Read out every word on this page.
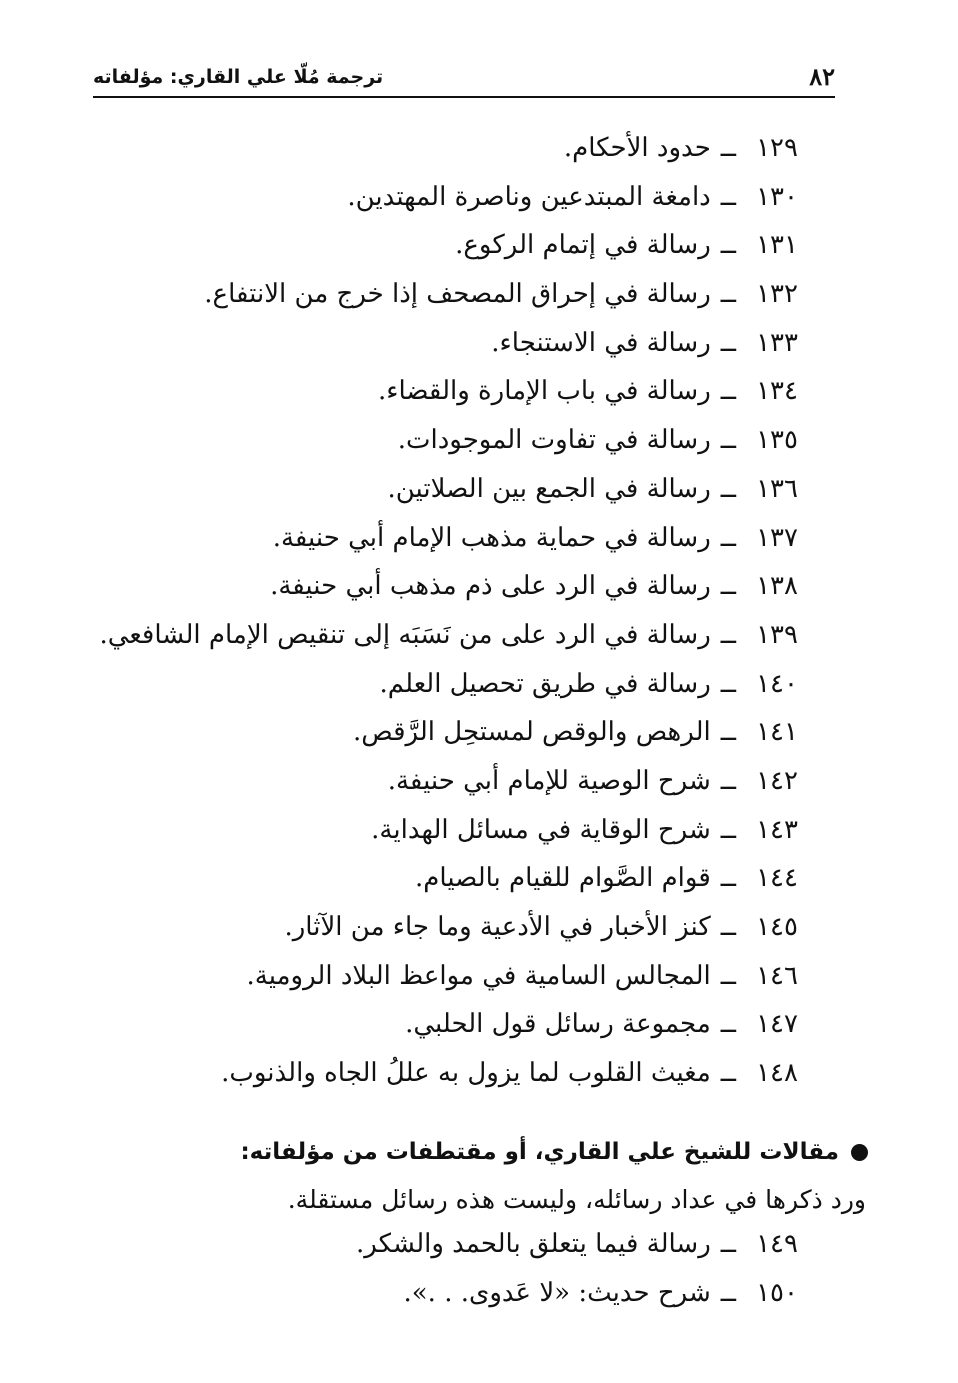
٨٢
ترجمة مُلّا علي القاري: مؤلفاته
١٢٩ــحدود الأحكام.
١٣٠ــدامغة المبتدعين وناصرة المهتدين.
١٣١ــرسالة في إتمام الركوع.
١٣٢ــرسالة في إحراق المصحف إذا خرج من الانتفاع.
١٣٣ــرسالة في الاستنجاء.
١٣٤ــرسالة في باب الإمارة والقضاء.
١٣٥ــرسالة في تفاوت الموجودات.
١٣٦ــرسالة في الجمع بين الصلاتين.
١٣٧ــرسالة في حماية مذهب الإمام أبي حنيفة.
١٣٨ــرسالة في الرد على ذم مذهب أبي حنيفة.
١٣٩ــرسالة في الرد على من نَسَبَه إلى تنقيص الإمام الشافعي.
١٤٠ــرسالة في طريق تحصيل العلم.
١٤١ــالرهص والوقص لمستحِل الرَّقص.
١٤٢ــشرح الوصية للإمام أبي حنيفة.
١٤٣ــشرح الوقاية في مسائل الهداية.
١٤٤ــقوام الصَّوام للقيام بالصيام.
١٤٥ــكنز الأخبار في الأدعية وما جاء من الآثار.
١٤٦ــالمجالس السامية في مواعظ البلاد الرومية.
١٤٧ــمجموعة رسائل قول الحلبي.
١٤٨ــمغيث القلوب لما يزول به عللُ الجاه والذنوب.
مقالات للشيخ علي القاري، أو مقتطفات من مؤلفاته:
ورد ذكرها في عداد رسائله، وليست هذه رسائل مستقلة.
١٤٩ــرسالة فيما يتعلق بالحمد والشكر.
١٥٠ــشرح حديث: «لا عَدوى. . .».
